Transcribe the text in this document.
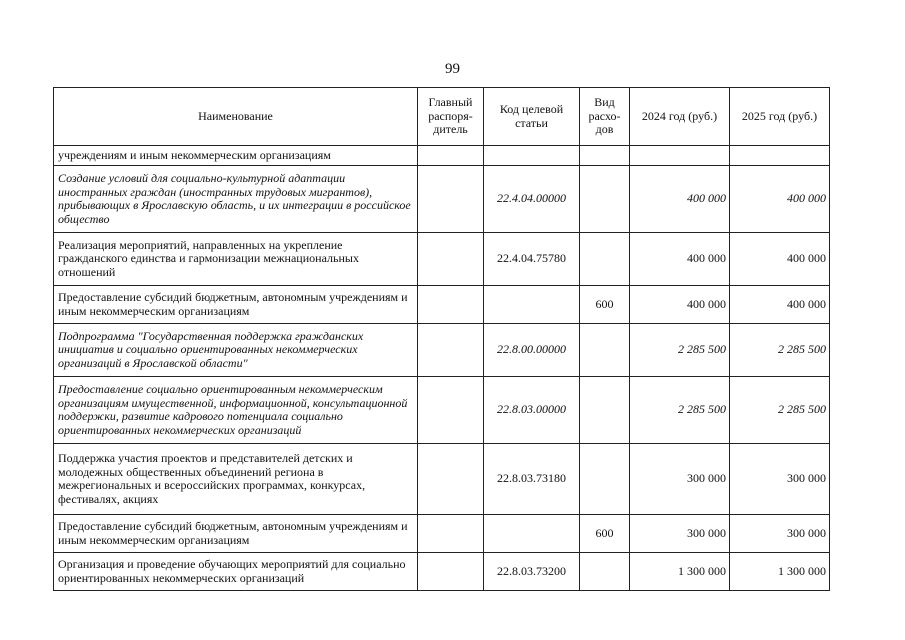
99
Наименование	Главный распоря-дитель	Код целевой статьи	Вид расхо-дов	2024 год (руб.)	2025 год (руб.)
учреждениям и иным некоммерческим организациям					
Создание условий для социально-культурной адаптации иностранных граждан (иностранных трудовых мигрантов), прибывающих в Ярославскую область, и их интеграции в российское общество		22.4.04.00000		400 000	400 000
Реализация мероприятий, направленных на укрепление гражданского единства и гармонизации межнациональных отношений		22.4.04.75780		400 000	400 000
Предоставление субсидий бюджетным, автономным учреждениям и иным некоммерческим организациям			600	400 000	400 000
Подпрограмма "Государственная поддержка гражданских инициатив и социально ориентированных некоммерческих организаций в Ярославской области"		22.8.00.00000		2 285 500	2 285 500
Предоставление социально ориентированным некоммерческим организациям имущественной, информационной, консультационной поддержки, развитие кадрового потенциала социально ориентированных некоммерческих организаций		22.8.03.00000		2 285 500	2 285 500
Поддержка участия проектов и представителей детских и молодежных общественных объединений региона в межрегиональных и всероссийских программах, конкурсах, фестивалях, акциях		22.8.03.73180		300 000	300 000
Предоставление субсидий бюджетным, автономным учреждениям и иным некоммерческим организациям			600	300 000	300 000
Организация и проведение обучающих мероприятий для социально ориентированных некоммерческих организаций		22.8.03.73200		1 300 000	1 300 000
